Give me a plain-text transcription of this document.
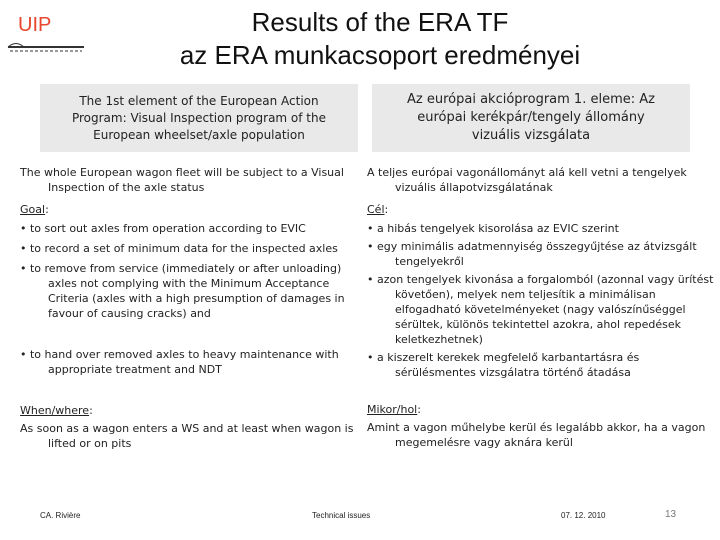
UIP	Results of the ERA TF
az ERA munkacsoport eredményei
The 1st element of the European Action
Program: Visual Inspection program of the
European wheelset/axle population
Az európai akcióprogram 1. eleme: Az
európai kerékpár/tengely állomány
vizuális vizsgálata

The whole European wagon fleet will be subject to a Visual Inspection of the axle status

Goal:

• to sort out axles from operation according to EVIC

• to record a set of minimum data for the inspected axles

• to remove from service (immediately or after unloading) axles not complying with the Minimum Acceptance Criteria (axles with a high presumption of damages in favour of causing cracks) and

• to hand over removed axles to heavy maintenance with appropriate treatment and NDT

When/where:

As soon as a wagon enters a WS and at least when wagon is lifted or on pits

A teljes európai vagonállományt alá kell vetni a tengelyek vizuális állapotvizsgálatának

Cél:

• a hibás tengelyek kisorolása az EVIC szerint

• egy minimális adatmennyiség összegyűjtése az átvizsgált tengelyekről

• azon tengelyek kivonása a forgalomból (azonnal vagy ürítést követően), melyek nem teljesítik a minimálisan elfogadható követelményeket (nagy valószínűséggel sérültek, különös tekintettel azokra, ahol repedések keletkezhetnek)

• a kiszerelt kerekek megfelelő karbantartásra és sérülésmentes vizsgálatra történő átadása

Mikor/hol:

Amint a vagon műhelybe kerül és legalább akkor, ha a vagon megemelésre vagy aknára kerül

CA. Rivière	Technical issues	07. 12. 2010	13
